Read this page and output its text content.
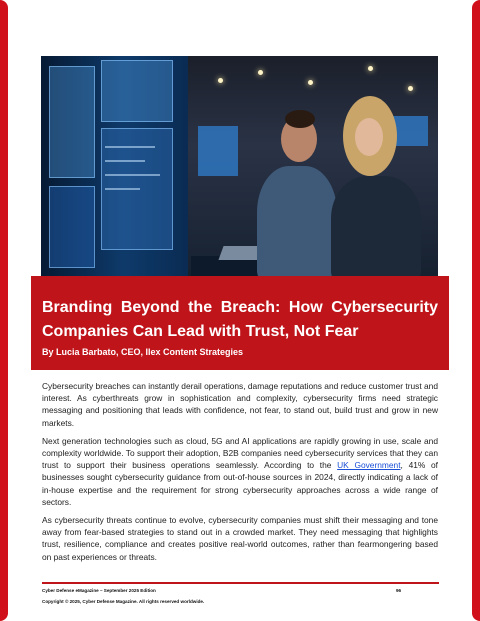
Branding Beyond the Breach: How Cybersecurity Companies Can Lead with Trust, Not Fear

By Lucia Barbato, CEO, Ilex Content Strategies

Cybersecurity breaches can instantly derail operations, damage reputations and reduce customer trust and interest. As cyberthreats grow in sophistication and complexity, cybersecurity firms need strategic messaging and positioning that leads with confidence, not fear, to stand out, build trust and grow in new markets.

Next generation technologies such as cloud, 5G and AI applications are rapidly growing in use, scale and complexity worldwide. To support their adoption, B2B companies need cybersecurity services that they can trust to support their business operations seamlessly. According to the UK Government, 41% of businesses sought cybersecurity guidance from out-of-house sources in 2024, directly indicating a lack of in-house expertise and the requirement for strong cybersecurity approaches across a wide range of sectors.

As cybersecurity threats continue to evolve, cybersecurity companies must shift their messaging and tone away from fear-based strategies to stand out in a crowded market. They need messaging that highlights trust, resilience, compliance and creates positive real-world outcomes, rather than fearmongering based on past experiences or threats.

Cyber Defense eMagazine – September 2025 Edition	96

Copyright © 2025, Cyber Defense Magazine. All rights reserved worldwide.
